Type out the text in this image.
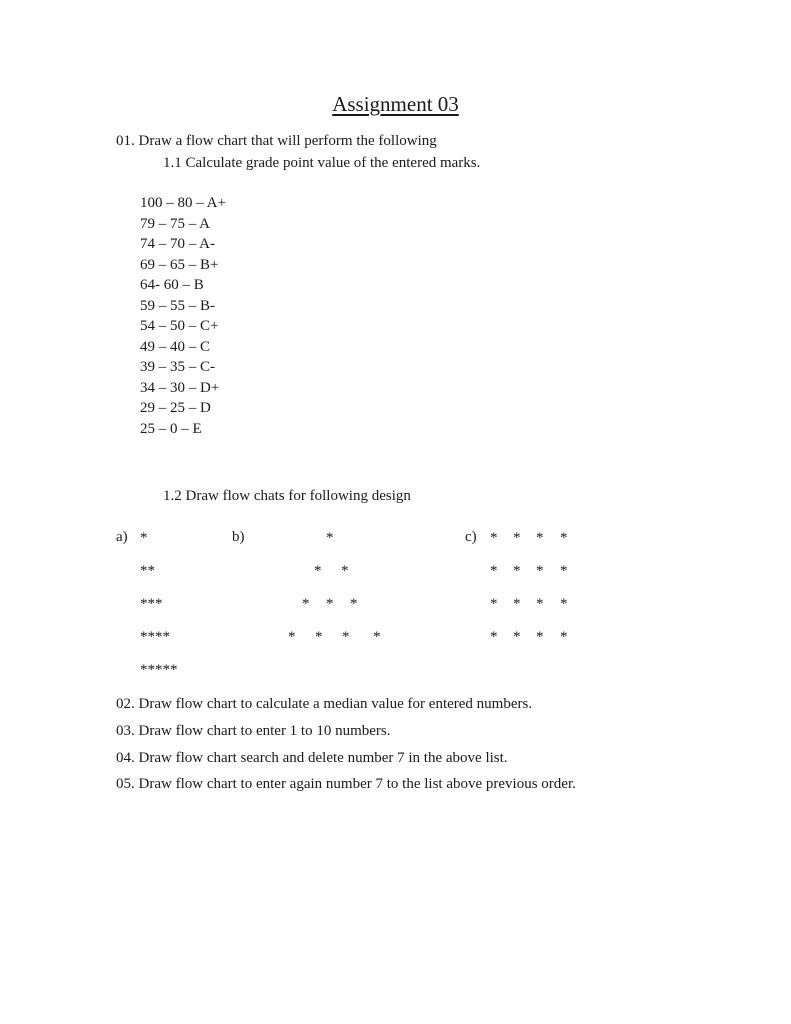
Assignment 03
01. Draw a flow chart that will perform the following
1.1 Calculate grade point value of the entered marks.
100 – 80 – A+
79 – 75 – A
74 – 70 – A-
69 – 65 – B+
64- 60 – B
59 – 55 – B-
54 – 50 – C+
49 – 40 – C
39 – 35 – C-
34 – 30 – D+
29 – 25 – D
25 – 0 – E
1.2 Draw flow chats for following design
a) *
**
***
****
*****
b)	*
* *
* * *
* * * *
c) * * * *
* * * *
* * * *
* * * *
02. Draw flow chart to calculate a median value for entered numbers.
03. Draw flow chart to enter 1 to 10 numbers.
04. Draw flow chart search and delete number 7 in the above list.
05. Draw flow chart to enter again number 7 to the list above previous order.
